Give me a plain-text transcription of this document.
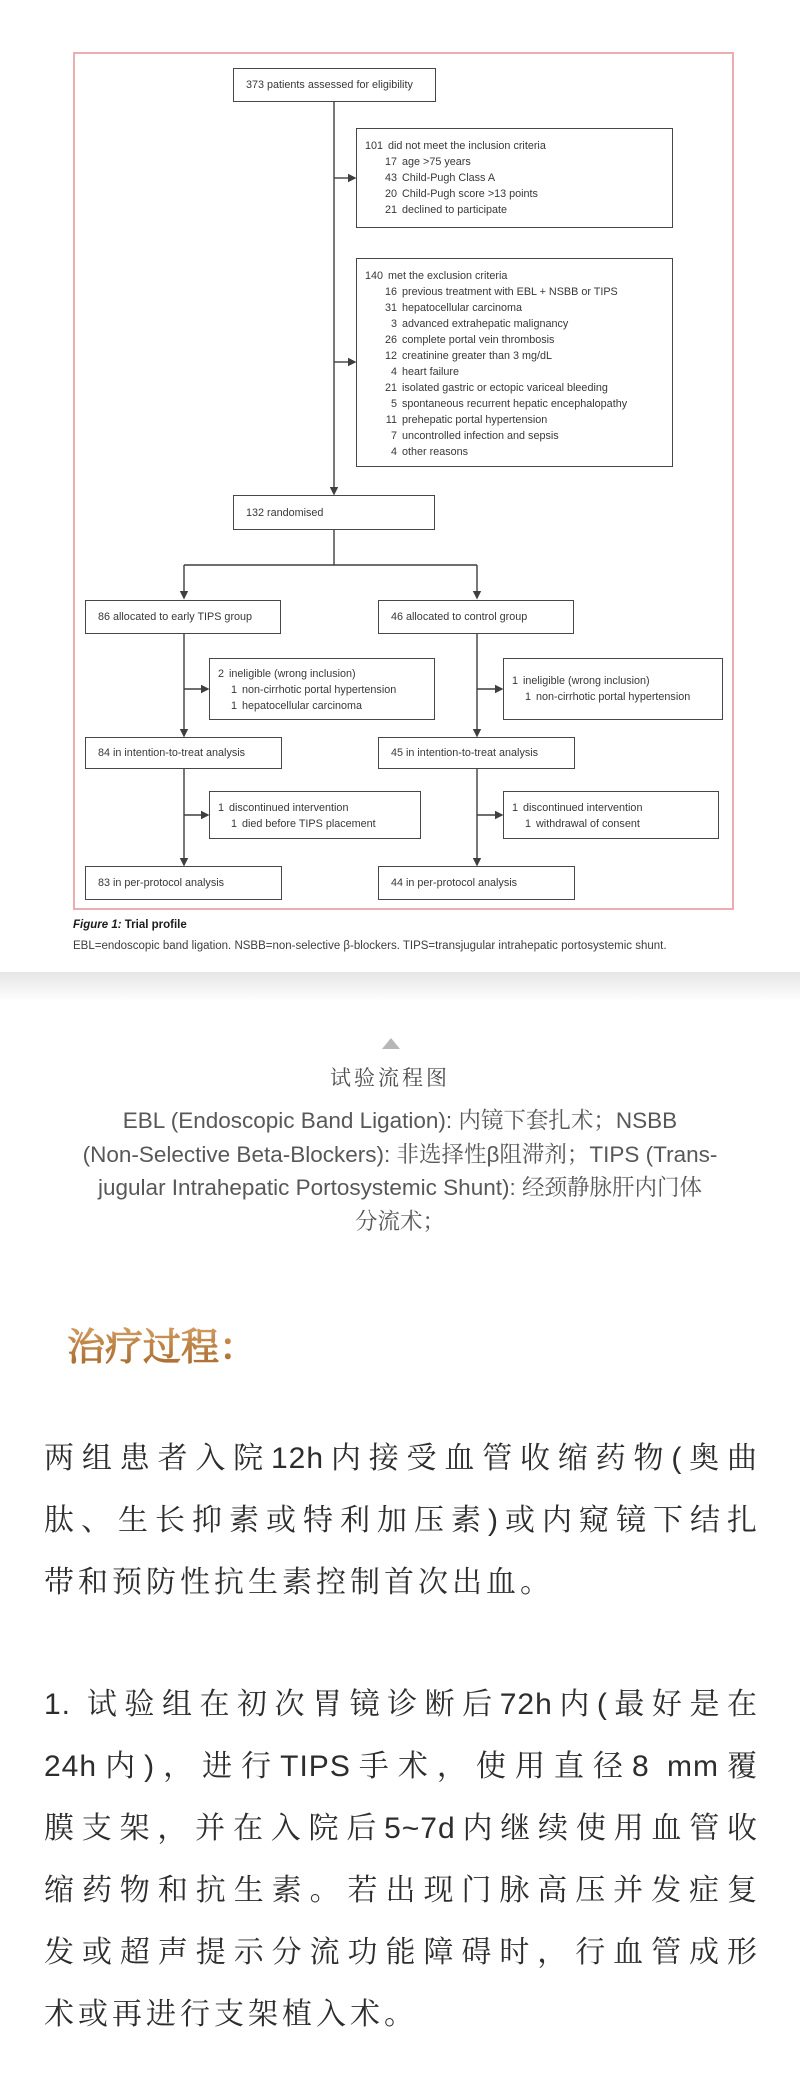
373 patients assessed for eligibility
101 did not meet the inclusion criteria
17 age >75 years
43 Child-Pugh Class A
20 Child-Pugh score >13 points
21 declined to participate
140 met the exclusion criteria
16 previous treatment with EBL + NSBB or TIPS
31 hepatocellular carcinoma
3 advanced extrahepatic malignancy
26 complete portal vein thrombosis
12 creatinine greater than 3 mg/dL
4 heart failure
21 isolated gastric or ectopic variceal bleeding
5 spontaneous recurrent hepatic encephalopathy
11 prehepatic portal hypertension
7 uncontrolled infection and sepsis
4 other reasons
132 randomised
86 allocated to early TIPS group	46 allocated to control group
2 ineligible (wrong inclusion)
1 non-cirrhotic portal hypertension
1 hepatocellular carcinoma
1 ineligible (wrong inclusion)
1 non-cirrhotic portal hypertension
84 in intention-to-treat analysis	45 in intention-to-treat analysis
1 discontinued intervention
1 died before TIPS placement
1 discontinued intervention
1 withdrawal of consent
83 in per-protocol analysis	44 in per-protocol analysis
Figure 1: Trial profile
EBL=endoscopic band ligation. NSBB=non-selective β-blockers. TIPS=transjugular intrahepatic portosystemic shunt.
试验流程图
EBL (Endoscopic Band Ligation): 内镜下套扎术；NSBB
(Non-Selective Beta-Blockers): 非选择性β阻滞剂；TIPS (Trans-
jugular Intrahepatic Portosystemic Shunt): 经颈静脉肝内门体
分流术；
治疗过程：
两组患者入院12h内接受血管收缩药物(奥曲
肽、生长抑素或特利加压素)或内窥镜下结扎
带和预防性抗生素控制首次出血。
1. 试验组在初次胃镜诊断后72h内(最好是在
24h内)，进行TIPS手术，使用直径8 mm覆
膜支架，并在入院后5~7d内继续使用血管收
缩药物和抗生素。若出现门脉高压并发症复
发或超声提示分流功能障碍时，行血管成形
术或再进行支架植入术。
